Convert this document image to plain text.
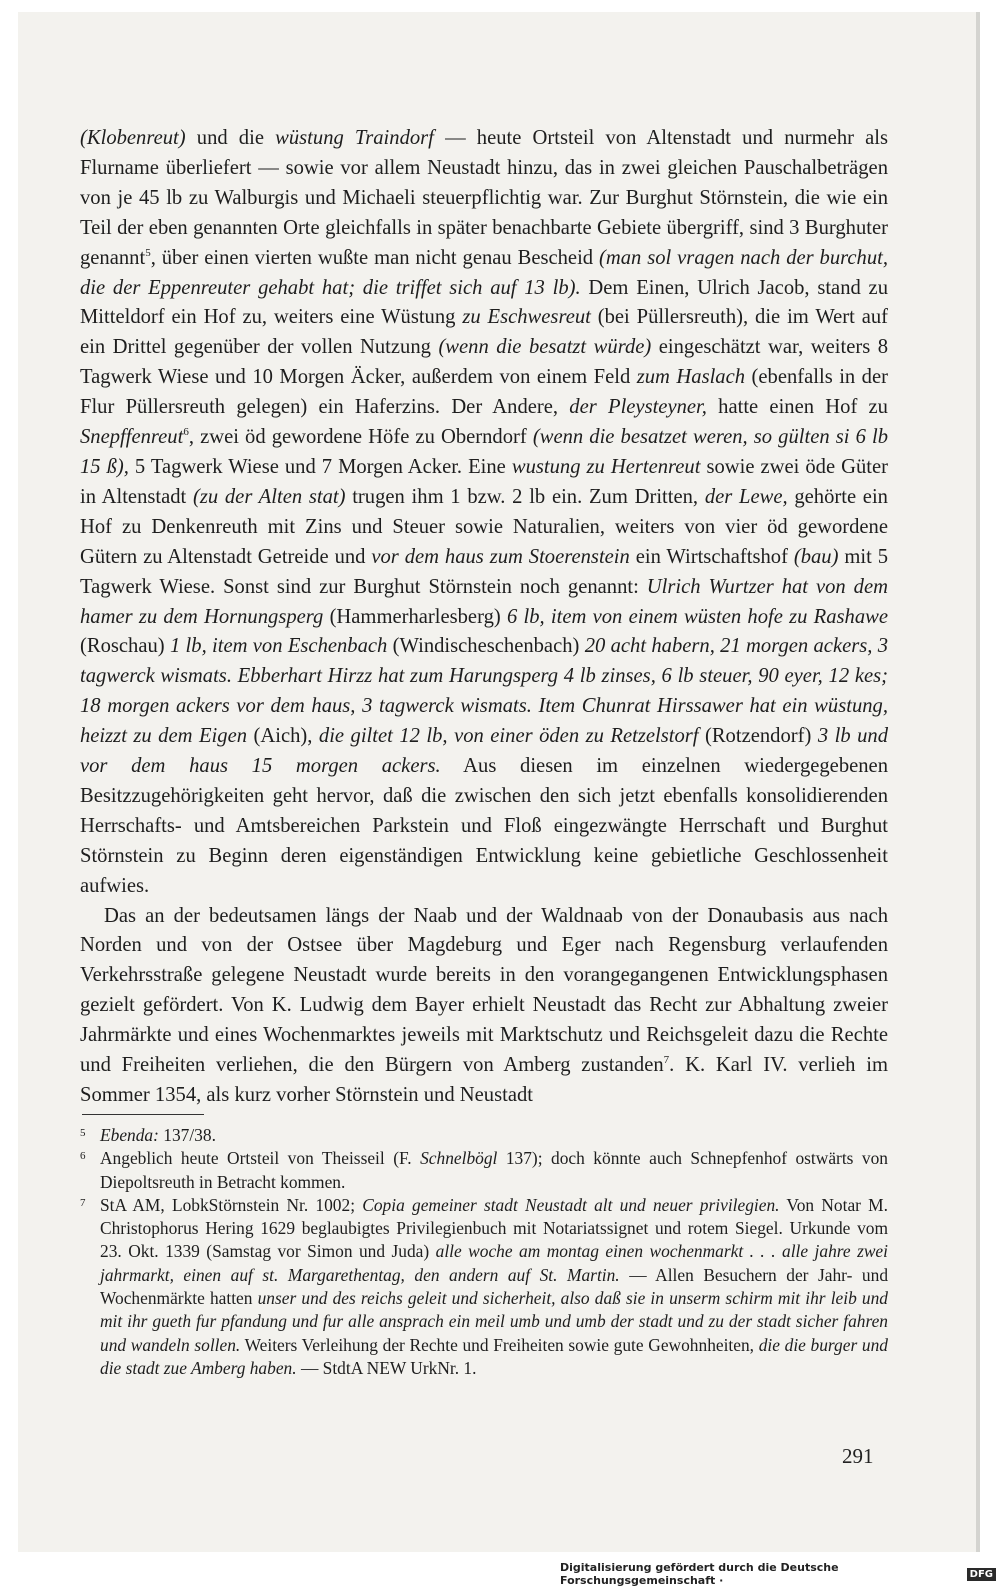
(Klobenreut) und die wüstung Traindorf — heute Ortsteil von Altenstadt und nurmehr als Flurname überliefert — sowie vor allem Neustadt hinzu, das in zwei gleichen Pauschalbeträgen von je 45 lb zu Walburgis und Michaeli steuerpflichtig war. Zur Burghut Störnstein, die wie ein Teil der eben genannten Orte gleichfalls in später benachbarte Gebiete übergriff, sind 3 Burghuter genannt$^5$, über einen vierten wußte man nicht genau Bescheid (man sol vragen nach der burchut, die der Eppenreuter gehabt hat; die triffet sich auf 13 lb). Dem Einen, Ulrich Jacob, stand zu Mitteldorf ein Hof zu, weiters eine Wüstung zu Eschwesreut (bei Püllersreuth), die im Wert auf ein Drittel gegenüber der vollen Nutzung (wenn die besatzt würde) eingeschätzt war, weiters 8 Tagwerk Wiese und 10 Morgen Äcker, außerdem von einem Feld zum Haslach (ebenfalls in der Flur Püllersreuth gelegen) ein Haferzins. Der Andere, der Pleysteyner, hatte einen Hof zu Snepffenreut$^6$, zwei öd gewordene Höfe zu Oberndorf (wenn die besatzet weren, so gülten si 6 lb 15 ß), 5 Tagwerk Wiese und 7 Morgen Acker. Eine wustung zu Hertenreut sowie zwei öde Güter in Altenstadt (zu der Alten stat) trugen ihm 1 bzw. 2 lb ein. Zum Dritten, der Lewe, gehörte ein Hof zu Denkenreuth mit Zins und Steuer sowie Naturalien, weiters von vier öd gewordene Gütern zu Altenstadt Getreide und vor dem haus zum Stoerenstein ein Wirtschaftshof (bau) mit 5 Tagwerk Wiese. Sonst sind zur Burghut Störnstein noch genannt: Ulrich Wurtzer hat von dem hamer zu dem Hornungsperg (Hammerharlesberg) 6 lb, item von einem wüsten hofe zu Rashawe (Roschau) 1 lb, item von Eschenbach (Windischeschenbach) 20 acht habern, 21 morgen ackers, 3 tagwerck wismats. Ebberhart Hirzz hat zum Harungsperg 4 lb zinses, 6 lb steuer, 90 eyer, 12 kes; 18 morgen ackers vor dem haus, 3 tagwerck wismats. Item Chunrat Hirssawer hat ein wüstung, heizzt zu dem Eigen (Aich), die giltet 12 lb, von einer öden zu Retzelstorf (Rotzendorf) 3 lb und vor dem haus 15 morgen ackers. Aus diesen im einzelnen wiedergegebenen Besitzzugehörigkeiten geht hervor, daß die zwischen den sich jetzt ebenfalls konsolidierenden Herrschafts- und Amtsbereichen Parkstein und Floß eingezwängte Herrschaft und Burghut Störnstein zu Beginn deren eigenständigen Entwicklung keine gebietliche Geschlossenheit aufwies.

Das an der bedeutsamen längs der Naab und der Waldnaab von der Donaubasis aus nach Norden und von der Ostsee über Magdeburg und Eger nach Regensburg verlaufenden Verkehrsstraße gelegene Neustadt wurde bereits in den vorangegangenen Entwicklungsphasen gezielt gefördert. Von K. Ludwig dem Bayer erhielt Neustadt das Recht zur Abhaltung zweier Jahrmärkte und eines Wochenmarktes jeweils mit Marktschutz und Reichsgeleit dazu die Rechte und Freiheiten verliehen, die den Bürgern von Amberg zustanden$^7$. K. Karl IV. verlieh im Sommer 1354, als kurz vorher Störnstein und Neustadt

5 Ebenda: 137/38.
6 Angeblich heute Ortsteil von Theisseil (F. Schnelbögl 137); doch könnte auch Schnepfenhof ostwärts von Diepoltsreuth in Betracht kommen.
7 StA AM, LobkStörnstein Nr. 1002; Copia gemeiner stadt Neustadt alt und neuer privilegien. Von Notar M. Christophorus Hering 1629 beglaubigtes Privilegienbuch mit Notariatssignet und rotem Siegel. Urkunde vom 23. Okt. 1339 (Samstag vor Simon und Juda) alle woche am montag einen wochenmarkt . . . alle jahre zwei jahrmarkt, einen auf st. Margarethentag, den andern auf St. Martin. — Allen Besuchern der Jahr- und Wochenmärkte hatten unser und des reichs geleit und sicherheit, also daß sie in unserm schirm mit ihr leib und mit ihr gueth fur pfandung und fur alle ansprach ein meil umb und umb der stadt und zu der stadt sicher fahren und wandeln sollen. Weiters Verleihung der Rechte und Freiheiten sowie gute Gewohnheiten, die die burger und die stadt zue Amberg haben. — StdtA NEW UrkNr. 1.
291
Digitalisierung gefördert durch die Deutsche Forschungsgemeinschaft ·	DFG
